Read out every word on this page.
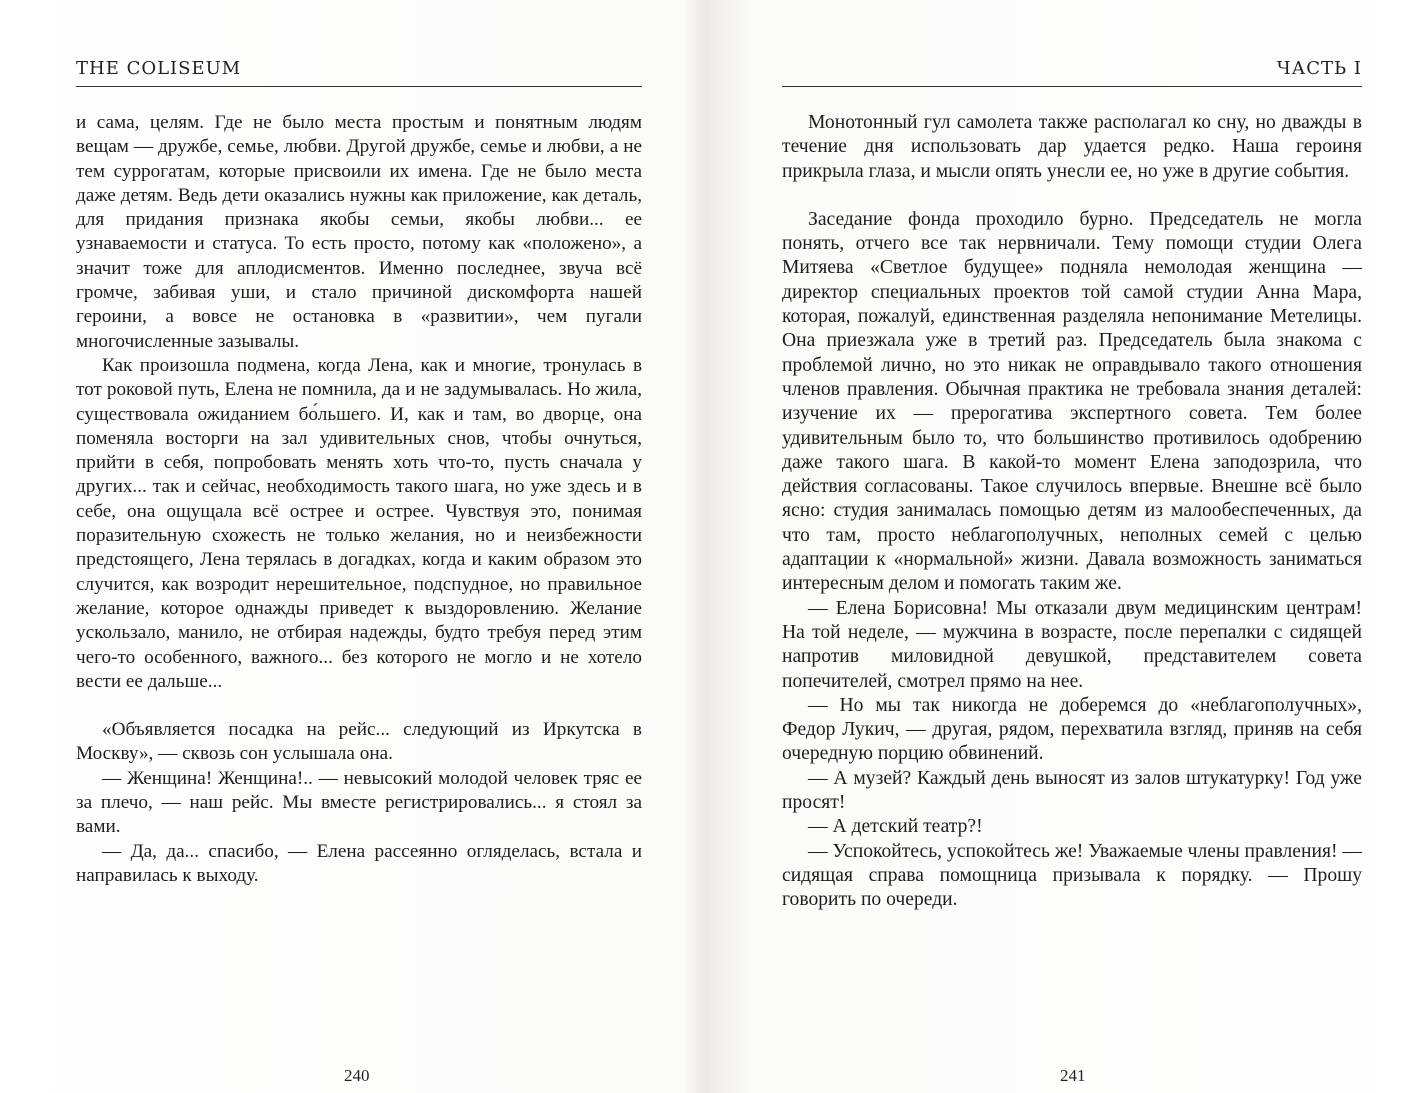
THE COLISEUM

и сама, целям. Где не было места простым и понятным людям вещам — дружбе, семье, любви. Другой дружбе, семье и любви, а не тем суррогатам, которые присвоили их имена. Где не было места даже детям. Ведь дети оказались нужны как приложение, как деталь, для придания признака якобы семьи, якобы любви... ее узнаваемости и статуса. То есть просто, потому как «положено», а значит тоже для аплодисментов. Именно последнее, звуча всё громче, забивая уши, и стало причиной дискомфорта нашей героини, а вовсе не остановка в «развитии», чем пугали многочисленные зазывалы.

Как произошла подмена, когда Лена, как и многие, тронулась в тот роковой путь, Елена не помнила, да и не задумывалась. Но жила, существовала ожиданием бо́льшего. И, как и там, во дворце, она поменяла восторги на зал удивительных снов, чтобы очнуться, прийти в себя, попробовать менять хоть что-то, пусть сначала у других... так и сейчас, необходимость такого шага, но уже здесь и в себе, она ощущала всё острее и острее. Чувствуя это, понимая поразительную схожесть не только желания, но и неизбежности предстоящего, Лена терялась в догадках, когда и каким образом это случится, как возродит нерешительное, подспудное, но правильное желание, которое однажды приведет к выздоровлению. Желание ускользало, манило, не отбирая надежды, будто требуя перед этим чего-то особенного, важного... без которого не могло и не хотело вести ее дальше...

«Объявляется посадка на рейс... следующий из Иркутска в Москву», — сквозь сон услышала она.

— Женщина! Женщина!.. — невысокий молодой человек тряс ее за плечо, — наш рейс. Мы вместе регистрировались... я стоял за вами.

— Да, да... спасибо, — Елена рассеянно огляделась, встала и направилась к выходу.

240
ЧАСТЬ I

Монотонный гул самолета также располагал ко сну, но дважды в течение дня использовать дар удается редко. Наша героиня прикрыла глаза, и мысли опять унесли ее, но уже в другие события.

Заседание фонда проходило бурно. Председатель не могла понять, отчего все так нервничали. Тему помощи студии Олега Митяева «Светлое будущее» подняла немолодая женщина — директор специальных проектов той самой студии Анна Мара, которая, пожалуй, единственная разделяла непонимание Метелицы. Она приезжала уже в третий раз. Председатель была знакома с проблемой лично, но это никак не оправдывало такого отношения членов правления. Обычная практика не требовала знания деталей: изучение их — прерогатива экспертного совета. Тем более удивительным было то, что большинство противилось одобрению даже такого шага. В какой-то момент Елена заподозрила, что действия согласованы. Такое случилось впервые. Внешне всё было ясно: студия занималась помощью детям из малообеспеченных, да что там, просто неблагополучных, неполных семей с целью адаптации к «нормальной» жизни. Давала возможность заниматься интересным делом и помогать таким же.

— Елена Борисовна! Мы отказали двум медицинским центрам! На той неделе, — мужчина в возрасте, после перепалки с сидящей напротив миловидной девушкой, представителем совета попечителей, смотрел прямо на нее.

— Но мы так никогда не доберемся до «неблагополучных», Федор Лукич, — другая, рядом, перехватила взгляд, приняв на себя очередную порцию обвинений.

— А музей? Каждый день выносят из залов штукатурку! Год уже просят!

— А детский театр?!

— Успокойтесь, успокойтесь же! Уважаемые члены правления! — сидящая справа помощница призывала к порядку. — Прошу говорить по очереди.

241
